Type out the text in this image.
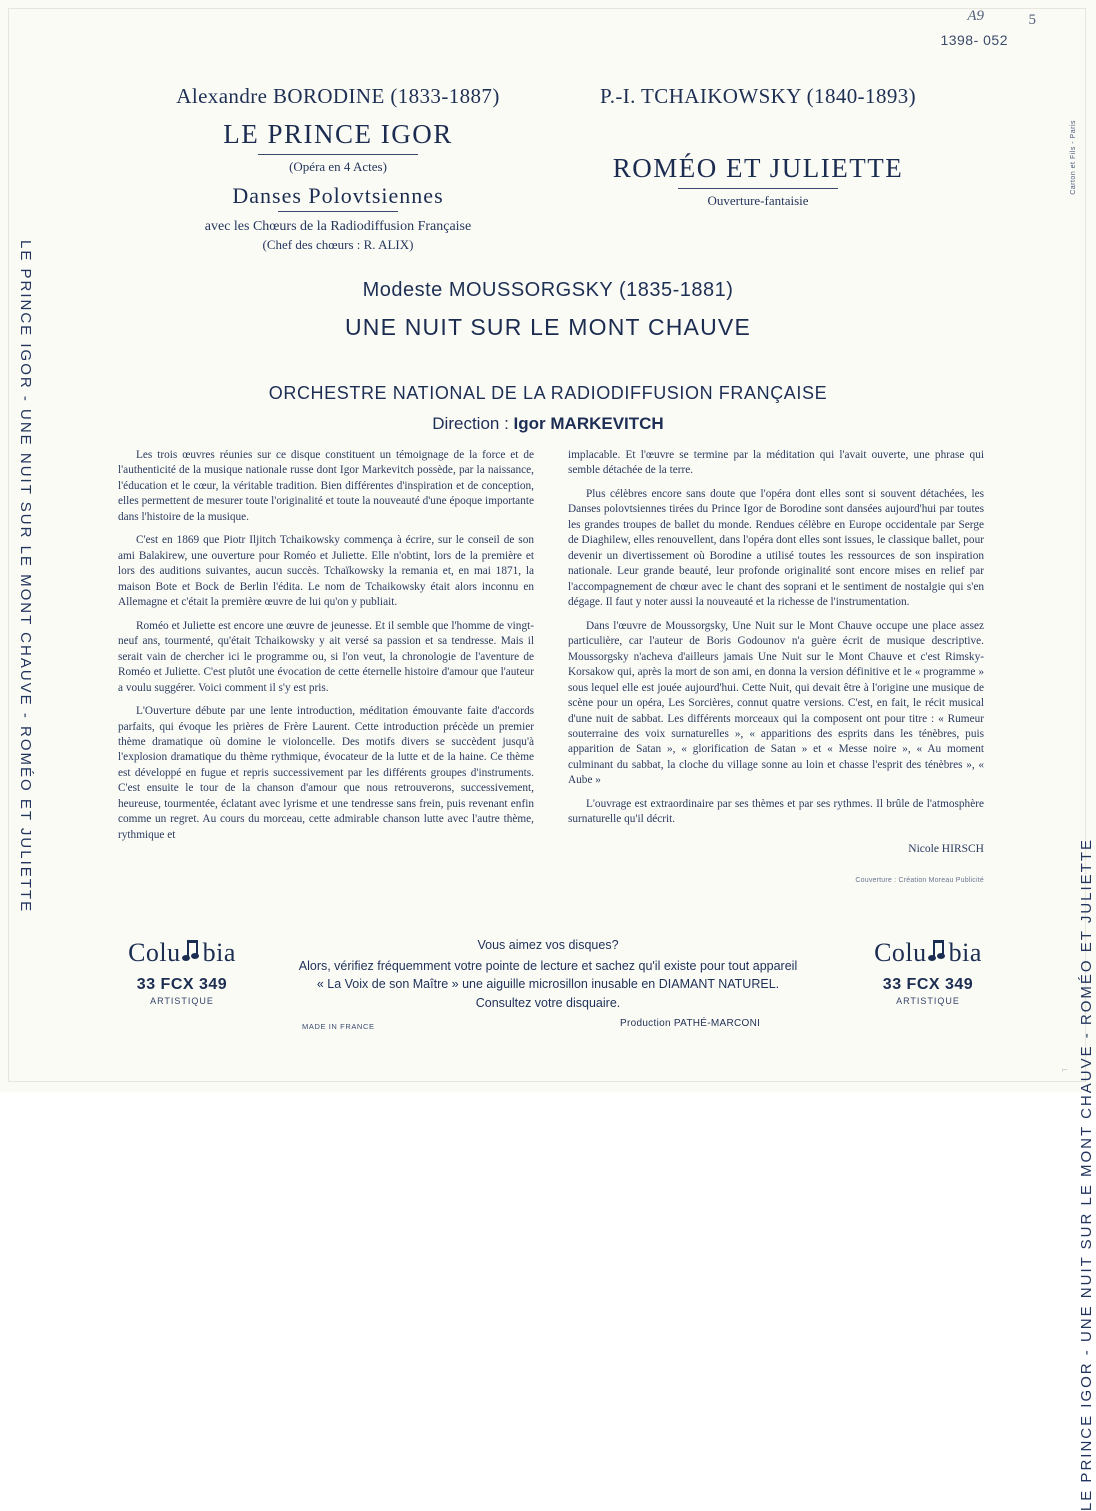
A9	5
1398- 052
LE PRINCE IGOR - UNE NUIT SUR LE MONT CHAUVE - ROMÉO ET JULIETTE
LE PRINCE IGOR - UNE NUIT SUR LE MONT CHAUVE - ROMÉO ET JULIETTE
Carton et Fils - Paris
Alexandre BORODINE (1833-1887)
LE PRINCE IGOR
(Opéra en 4 Actes)
Danses Polovtsiennes
avec les Chœurs de la Radiodiffusion Française
(Chef des chœurs : R. ALIX)
P.-I. TCHAIKOWSKY (1840-1893)
ROMÉO ET JULIETTE
Ouverture-fantaisie
Modeste MOUSSORGSKY (1835-1881)
UNE NUIT SUR LE MONT CHAUVE
ORCHESTRE NATIONAL DE LA RADIODIFFUSION FRANÇAISE
Direction : Igor MARKEVITCH

Les trois œuvres réunies sur ce disque constituent un témoignage de la force et de l'authenticité de la musique nationale russe dont Igor Markevitch possède, par la naissance, l'éducation et le cœur, la véritable tradition. Bien différentes d'inspiration et de conception, elles permettent de mesurer toute l'originalité et toute la nouveauté d'une époque importante dans l'histoire de la musique.

C'est en 1869 que Piotr Iljitch Tchaikowsky commença à écrire, sur le conseil de son ami Balakirew, une ouverture pour Roméo et Juliette. Elle n'obtint, lors de la première et lors des auditions suivantes, aucun succès. Tchaïkowsky la remania et, en mai 1871, la maison Bote et Bock de Berlin l'édita. Le nom de Tchaikowsky était alors inconnu en Allemagne et c'était la première œuvre de lui qu'on y publiait.

Roméo et Juliette est encore une œuvre de jeunesse. Et il semble que l'homme de vingt-neuf ans, tourmenté, qu'était Tchaikowsky y ait versé sa passion et sa tendresse. Mais il serait vain de chercher ici le programme ou, si l'on veut, la chronologie de l'aventure de Roméo et Juliette. C'est plutôt une évocation de cette éternelle histoire d'amour que l'auteur a voulu suggérer. Voici comment il s'y est pris.

L'Ouverture débute par une lente introduction, méditation émouvante faite d'accords parfaits, qui évoque les prières de Frère Laurent. Cette introduction précède un premier thème dramatique où domine le violoncelle. Des motifs divers se succèdent jusqu'à l'explosion dramatique du thème rythmique, évocateur de la lutte et de la haine. Ce thème est développé en fugue et repris successivement par les différents groupes d'instruments. C'est ensuite le tour de la chanson d'amour que nous retrouverons, successivement, heureuse, tourmentée, éclatant avec lyrisme et une tendresse sans frein, puis revenant enfin comme un regret. Au cours du morceau, cette admirable chanson lutte avec l'autre thème, rythmique et

implacable. Et l'œuvre se termine par la méditation qui l'avait ouverte, une phrase qui semble détachée de la terre.

Plus célèbres encore sans doute que l'opéra dont elles sont si souvent détachées, les Danses polovtsiennes tirées du Prince Igor de Borodine sont dansées aujourd'hui par toutes les grandes troupes de ballet du monde. Rendues célèbre en Europe occidentale par Serge de Diaghilew, elles renouvellent, dans l'opéra dont elles sont issues, le classique ballet, pour devenir un divertissement où Borodine a utilisé toutes les ressources de son inspiration nationale. Leur grande beauté, leur profonde originalité sont encore mises en relief par l'accompagnement de chœur avec le chant des soprani et le sentiment de nostalgie qui s'en dégage. Il faut y noter aussi la nouveauté et la richesse de l'instrumentation.

Dans l'œuvre de Moussorgsky, Une Nuit sur le Mont Chauve occupe une place assez particulière, car l'auteur de Boris Godounov n'a guère écrit de musique descriptive. Moussorgsky n'acheva d'ailleurs jamais Une Nuit sur le Mont Chauve et c'est Rimsky-Korsakow qui, après la mort de son ami, en donna la version définitive et le « programme » sous lequel elle est jouée aujourd'hui. Cette Nuit, qui devait être à l'origine une musique de scène pour un opéra, Les Sorcières, connut quatre versions. C'est, en fait, le récit musical d'une nuit de sabbat. Les différents morceaux qui la composent ont pour titre : « Rumeur souterraine des voix surnaturelles », « apparitions des esprits dans les ténèbres, puis apparition de Satan », « glorification de Satan » et « Messe noire », « Au moment culminant du sabbat, la cloche du village sonne au loin et chasse l'esprit des ténèbres », « Aube »

L'ouvrage est extraordinaire par ses thèmes et par ses rythmes. Il brûle de l'atmosphère surnaturelle qu'il décrit.

Nicole HIRSCH
Couverture : Création Moreau Publicité
Colu bia
33 FCX 349
ARTISTIQUE
Vous aimez vos disques?
Alors, vérifiez fréquemment votre pointe de lecture et sachez qu'il existe pour tout appareil
« La Voix de son Maître » une aiguille microsillon inusable en DIAMANT NATUREL.
Consultez votre disquaire.
Colu bia
33 FCX 349
ARTISTIQUE
MADE IN FRANCE	Production PATHÉ-MARCONI
⌐
